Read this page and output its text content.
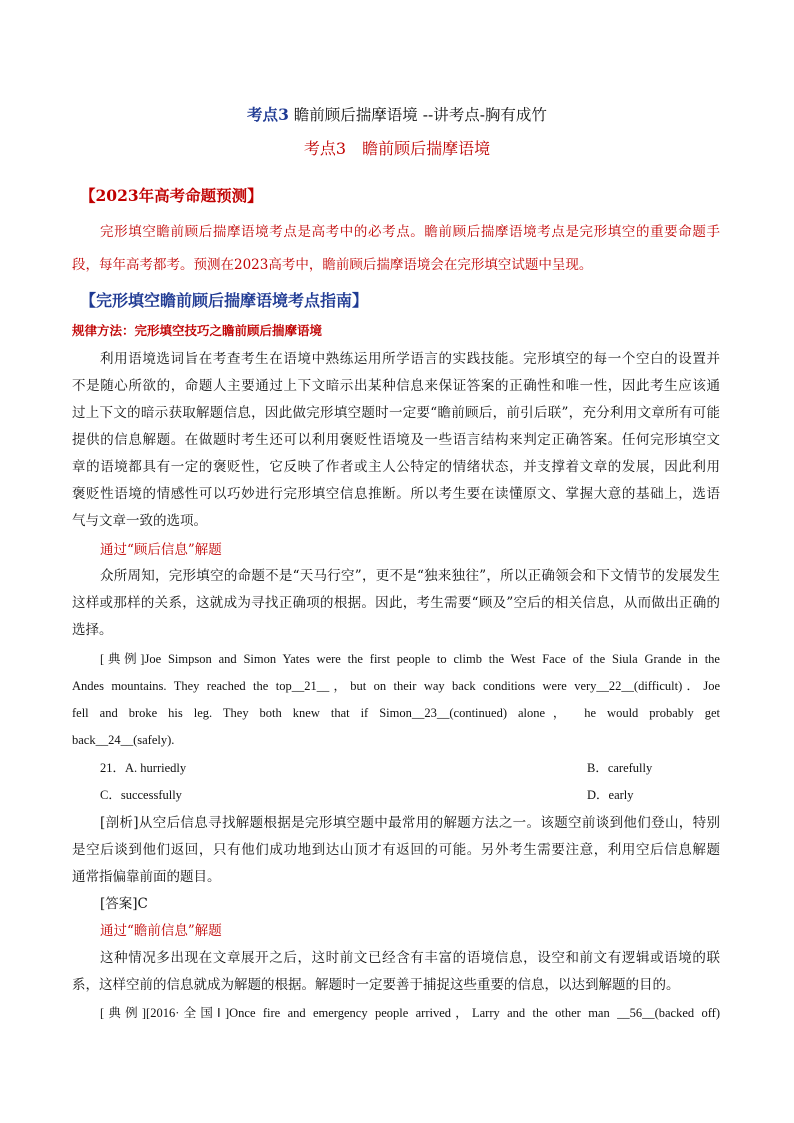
考点3 瞻前顾后揣摩语境 --讲考点-胸有成竹
考点3　瞻前顾后揣摩语境
【2023年高考命题预测】
完形填空瞻前顾后揣摩语境考点是高考中的必考点。瞻前顾后揣摩语境考点是完形填空的重要命题手
段，每年高考都考。预测在2023高考中，瞻前顾后揣摩语境会在完形填空试题中呈现。
【完形填空瞻前顾后揣摩语境考点指南】
规律方法：完形填空技巧之瞻前顾后揣摩语境
利用语境选词旨在考查考生在语境中熟练运用所学语言的实践技能。完形填空的每一个空白的设置并
不是随心所欲的，命题人主要通过上下文暗示出某种信息来保证答案的正确性和唯一性，因此考生应该通
过上下文的暗示获取解题信息，因此做完形填空题时一定要“瞻前顾后，前引后联”，充分利用文章所有可能
提供的信息解题。在做题时考生还可以利用褒贬性语境及一些语言结构来判定正确答案。任何完形填空文
章的语境都具有一定的褒贬性，它反映了作者或主人公特定的情绪状态，并支撑着文章的发展，因此利用
褒贬性语境的情感性可以巧妙进行完形填空信息推断。所以考生要在读懂原文、掌握大意的基础上，选语
气与文章一致的选项。
通过“顾后信息”解题
众所周知，完形填空的命题不是“天马行空”，更不是“独来独往”，所以正确领会和下文情节的发展发生
这样或那样的关系，这就成为寻找正确项的根据。因此，考生需要“顾及”空后的相关信息，从而做出正确的
选择。
[典例]Joe Simpson and Simon Yates were the first people to climb the West Face of the Siula Grande in the
Andes mountains. They reached the top__21__，but on their way back conditions were very__22__(difficult)．Joe
fell and broke his leg. They both knew that if Simon__23__(continued) alone， he would probably get
back__24__(safely).
21．A. hurriedly	B．carefully
C．successfully	D．early
[剖析]从空后信息寻找解题根据是完形填空题中最常用的解题方法之一。该题空前谈到他们登山，特别
是空后谈到他们返回，只有他们成功地到达山顶才有返回的可能。另外考生需要注意，利用空后信息解题
通常指偏靠前面的题目。
[答案]C
通过“瞻前信息”解题
这种情况多出现在文章展开之后，这时前文已经含有丰富的语境信息，设空和前文有逻辑或语境的联
系，这样空前的信息就成为解题的根据。解题时一定要善于捕捉这些重要的信息，以达到解题的目的。
[典例][2016·全国Ⅰ]Once fire and emergency people arrived，Larry and the other man __56__(backed off)
